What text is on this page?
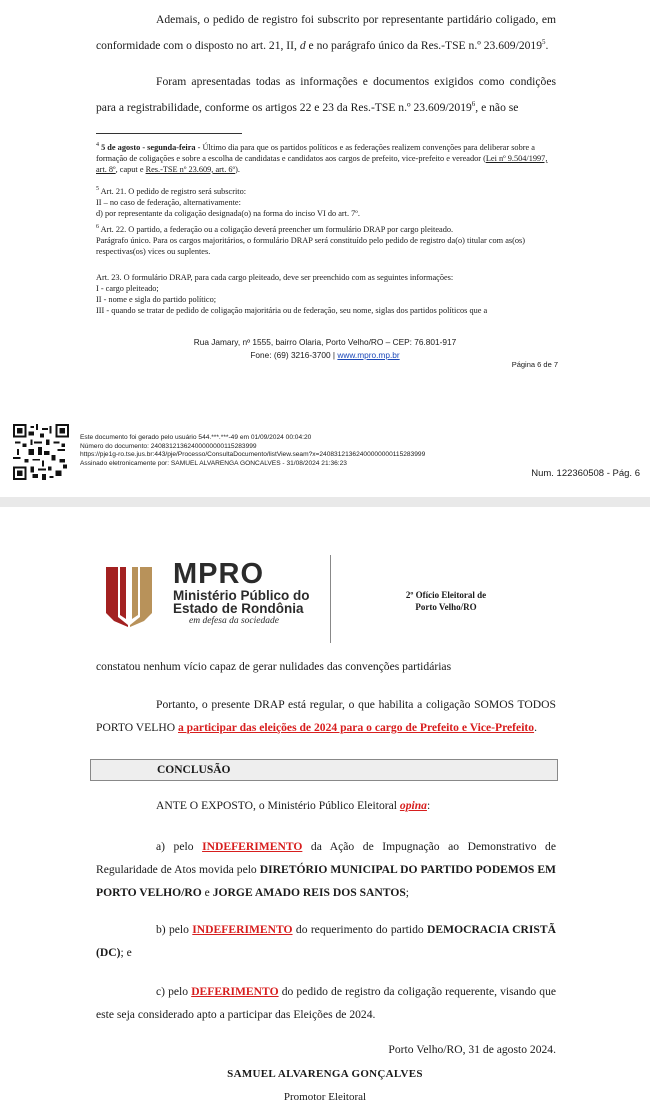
Ademais, o pedido de registro foi subscrito por representante partidário coligado, em conformidade com o disposto no art. 21, II, d e no parágrafo único da Res.-TSE n.º 23.609/2019$^5$.

Foram apresentadas todas as informações e documentos exigidos como condições para a registrabilidade, conforme os artigos 22 e 23 da Res.-TSE n.º 23.609/2019$^6$, e não se

$^4$ 5 de agosto - segunda-feira - Último dia para que os partidos políticos e as federações realizem convenções para deliberar sobre a formação de coligações e sobre a escolha de candidatas e candidatos aos cargos de prefeito, vice-prefeito e vereador (Lei nº 9.504/1997, art. 8º, caput e Res.-TSE nº 23.609, art. 6º).

$^5$ Art. 21. O pedido de registro será subscrito:
II – no caso de federação, alternativamente:
d) por representante da coligação designada(o) na forma do inciso VI do art. 7º.

$^6$ Art. 22. O partido, a federação ou a coligação deverá preencher um formulário DRAP por cargo pleiteado.
Parágrafo único. Para os cargos majoritários, o formulário DRAP será constituído pelo pedido de registro da(o) titular com as(os) respectivas(os) vices ou suplentes.

Art. 23. O formulário DRAP, para cada cargo pleiteado, deve ser preenchido com as seguintes informações:
I - cargo pleiteado;
II - nome e sigla do partido político;
III - quando se tratar de pedido de coligação majoritária ou de federação, seu nome, siglas dos partidos políticos que a

Rua Jamary, nº 1555, bairro Olaria, Porto Velho/RO – CEP: 76.801-917
Fone: (69) 3216-3700 | www.mpro.mp.br
Página 6 de 7
Este documento foi gerado pelo usuário 544.***.***-49 em 01/09/2024 00:04:20
Número do documento: 24083121362400000000115283999
https://pje1g-ro.tse.jus.br:443/pje/Processo/ConsultaDocumento/listView.seam?x=24083121362400000000115283999
Assinado eletronicamente por: SAMUEL ALVARENGA GONCALVES - 31/08/2024 21:36:23
Num. 122360508 - Pág. 6
MPRO
Ministério Público do
Estado de Rondônia
em defesa da sociedade
2º Ofício Eleitoral de
Porto Velho/RO

constatou nenhum vício capaz de gerar nulidades das convenções partidárias

Portanto, o presente DRAP está regular, o que habilita a coligação SOMOS TODOS PORTO VELHO a participar das eleições de 2024 para o cargo de Prefeito e Vice-Prefeito.

CONCLUSÃO

ANTE O EXPOSTO, o Ministério Público Eleitoral opina:

a) pelo INDEFERIMENTO da Ação de Impugnação ao Demonstrativo de Regularidade de Atos movida pelo DIRETÓRIO MUNICIPAL DO PARTIDO PODEMOS EM PORTO VELHO/RO e JORGE AMADO REIS DOS SANTOS;

b) pelo INDEFERIMENTO do requerimento do partido DEMOCRACIA CRISTÃ (DC); e

c) pelo DEFERIMENTO do pedido de registro da coligação requerente, visando que este seja considerado apto a participar das Eleições de 2024.

Porto Velho/RO, 31 de agosto 2024.
SAMUEL ALVARENGA GONÇALVES
Promotor Eleitoral
